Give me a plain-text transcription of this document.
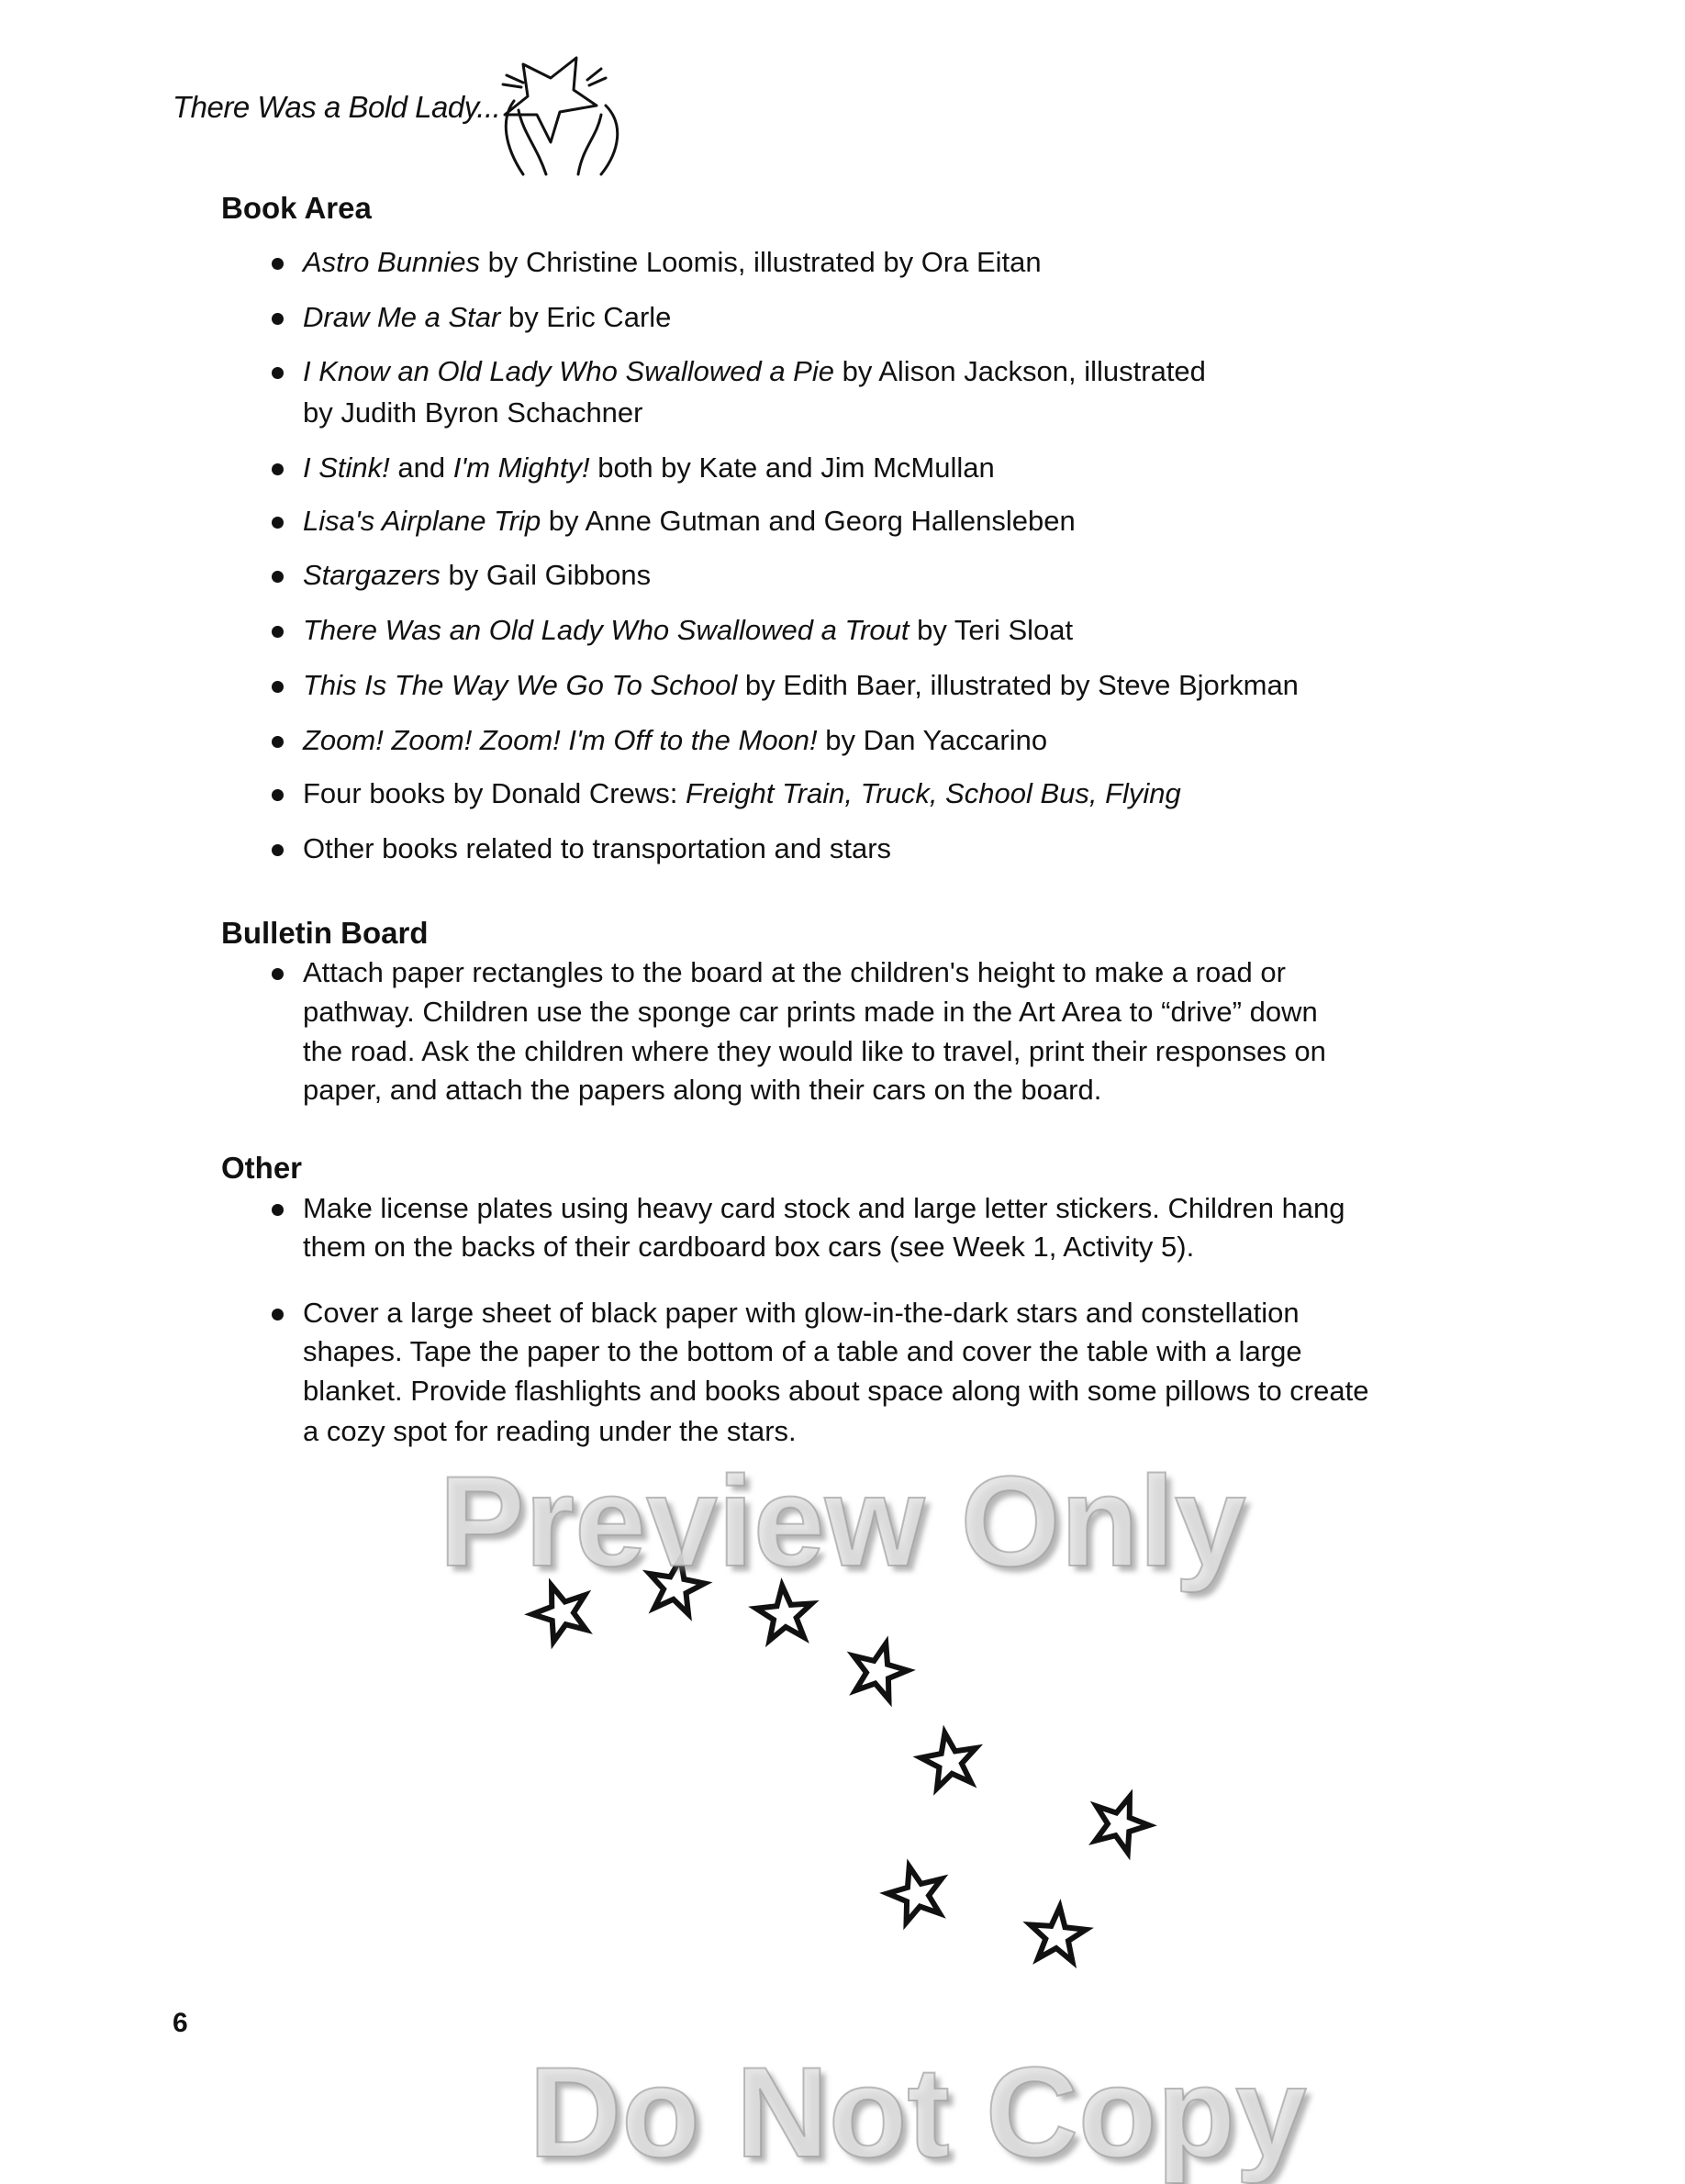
There Was a Bold Lady...
Book Area
Astro Bunnies by Christine Loomis, illustrated by Ora Eitan
Draw Me a Star by Eric Carle
I Know an Old Lady Who Swallowed a Pie by Alison Jackson, illustrated
by Judith Byron Schachner
I Stink! and I'm Mighty! both by Kate and Jim McMullan
Lisa's Airplane Trip by Anne Gutman and Georg Hallensleben
Stargazers by Gail Gibbons
There Was an Old Lady Who Swallowed a Trout by Teri Sloat
This Is The Way We Go To School by Edith Baer, illustrated by Steve Bjorkman
Zoom! Zoom! Zoom! I'm Off to the Moon! by Dan Yaccarino
Four books by Donald Crews: Freight Train, Truck, School Bus, Flying
Other books related to transportation and stars
Bulletin Board
Attach paper rectangles to the board at the children's height to make a road or
pathway. Children use the sponge car prints made in the Art Area to “drive” down
the road. Ask the children where they would like to travel, print their responses on
paper, and attach the papers along with their cars on the board.
Other
Make license plates using heavy card stock and large letter stickers. Children hang
them on the backs of their cardboard box cars (see Week 1, Activity 5).
Cover a large sheet of black paper with glow-in-the-dark stars and constellation
shapes. Tape the paper to the bottom of a table and cover the table with a large
blanket. Provide flashlights and books about space along with some pillows to create
a cozy spot for reading under the stars.
6
Preview Only
Do Not Copy
